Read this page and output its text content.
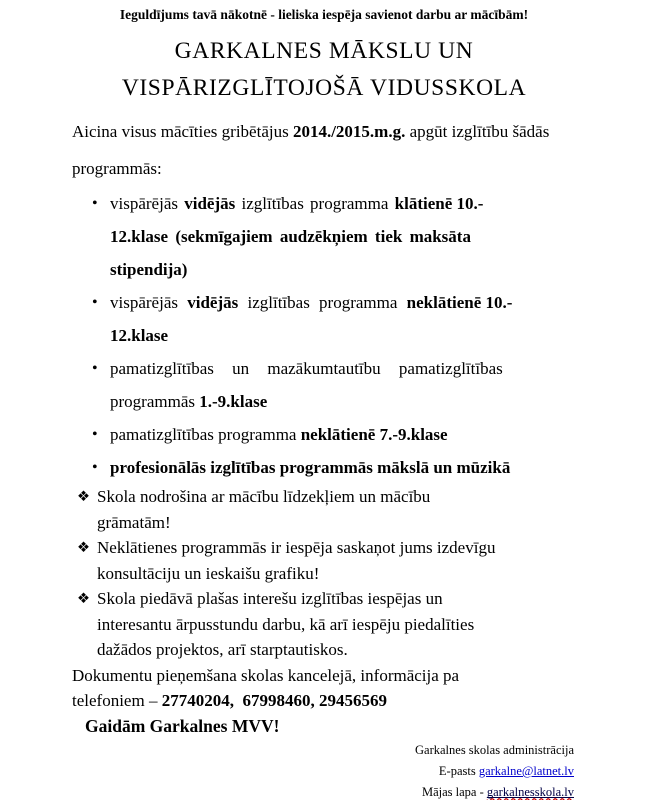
Ieguldījums tavā nākotnē - lieliska iespēja savienot darbu ar mācībām!

GARKALNES MĀKSLU UN
VISPĀRIZGLĪTOJOŠĀ VIDUSSKOLA

Aicina visus mācīties gribētājus 2014./2015.m.g. apgūt izglītību šādās
programmās:

• vispārējās vidējās izglītības programma klātienē 10.-
12.klase (sekmīgajiem audzēkņiem tiek maksāta
stipendija)
• vispārējās vidējās izglītības programma neklātienē 10.-
12.klase
• pamatizglītības un mazākumtautību pamatizglītības
programmās 1.-9.klase
• pamatizglītības programma neklātienē 7.-9.klase
• profesionālās izglītības programmās mākslā un mūzikā
❖ Skola nodrošina ar mācību līdzekļiem un mācību
grāmatām!
❖ Neklātienes programmās ir iespēja saskaņot jums izdevīgu
konsultāciju un ieskaišu grafiku!
❖ Skola piedāvā plašas interešu izglītības iespējas un
interesantu ārpusstundu darbu, kā arī iespēju piedalīties
dažādos projektos, arī starptautiskos.

Dokumentu pieņemšana skolas kancelejā, informācija pa
telefoniem – 27740204,  67998460, 29456569

Gaidām Garkalnes MVV!

Garkalnes skolas administrācija

E-pasts garkalne@latnet.lv

Mājas lapa - garkalnesskola.lv
